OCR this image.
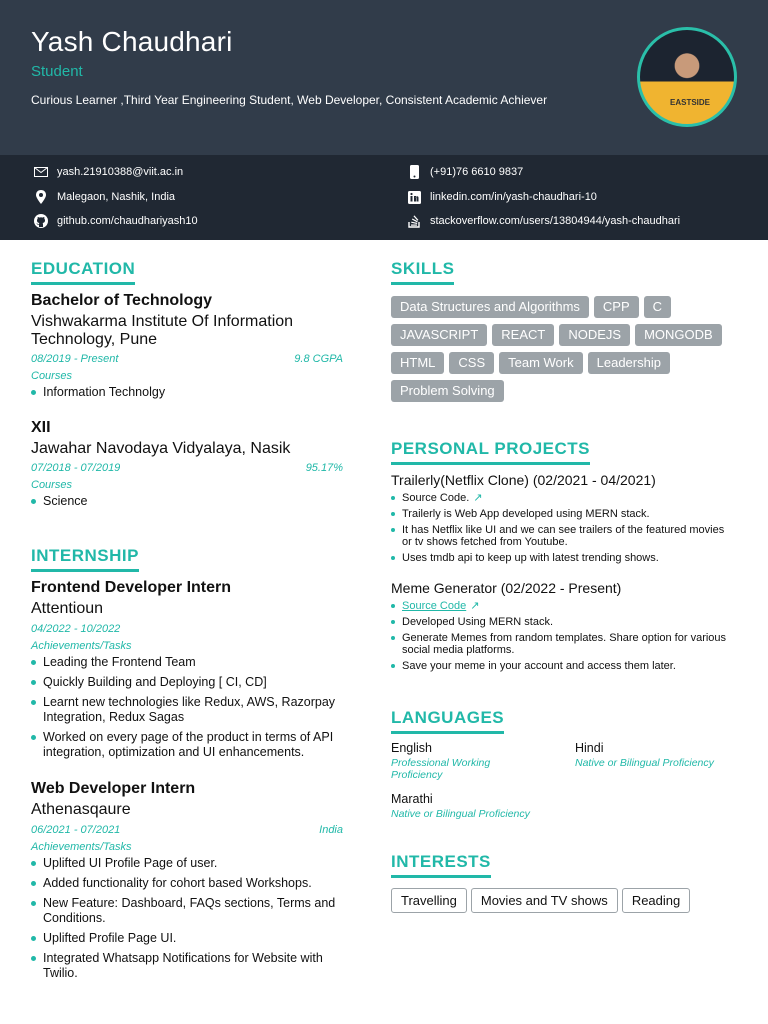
Yash Chaudhari
Student
Curious Learner ,Third Year Engineering Student, Web Developer, Consistent Academic Achiever	EASTSIDE
yash.21910388@viit.ac.in	(+91)76 6610 9837
Malegaon, Nashik, India	linkedin.com/in/yash-chaudhari-10
github.com/chaudhariyash10	stackoverflow.com/users/13804944/yash-chaudhari
EDUCATION
Bachelor of Technology
Vishwakarma Institute Of Information Technology, Pune
08/2019 - Present	9.8 CGPA
Courses
Information Technolgy
XII
Jawahar Navodaya Vidyalaya, Nasik
07/2018 - 07/2019	95.17%
Courses
Science
INTERNSHIP
Frontend Developer Intern
Attentioun
04/2022 - 10/2022
Achievements/Tasks
Leading the Frontend Team
Quickly Building and Deploying [ CI, CD]
Learnt new technologies like Redux, AWS, Razorpay Integration, Redux Sagas
Worked on every page of the product in terms of API integration, optimization and UI enhancements.
Web Developer Intern
Athenasqaure
06/2021 - 07/2021	India
Achievements/Tasks
Uplifted UI Profile Page of user.
Added functionality for cohort based Workshops.
New Feature: Dashboard, FAQs sections, Terms and Conditions.
Uplifted Profile Page UI.
Integrated Whatsapp Notifications for Website with Twilio.
SKILLS
Data Structures and Algorithms CPP C
JAVASCRIPT REACT NODEJS MONGODB
HTML CSS Team Work Leadership
Problem Solving
PERSONAL PROJECTS
Trailerly(Netflix Clone) (02/2021 - 04/2021)
Source Code. ↗
Trailerly is Web App developed using MERN stack.
It has Netflix like UI and we can see trailers of the featured movies or tv shows fetched from Youtube.
Uses tmdb api to keep up with latest trending shows.
Meme Generator (02/2022 - Present)
Source Code ↗
Developed Using MERN stack.
Generate Memes from random templates. Share option for various social media platforms.
Save your meme in your account and access them later.
LANGUAGES
English
Professional Working Proficiency
Hindi
Native or Bilingual Proficiency
Marathi
Native or Bilingual Proficiency
INTERESTS
Travelling Movies and TV shows Reading
